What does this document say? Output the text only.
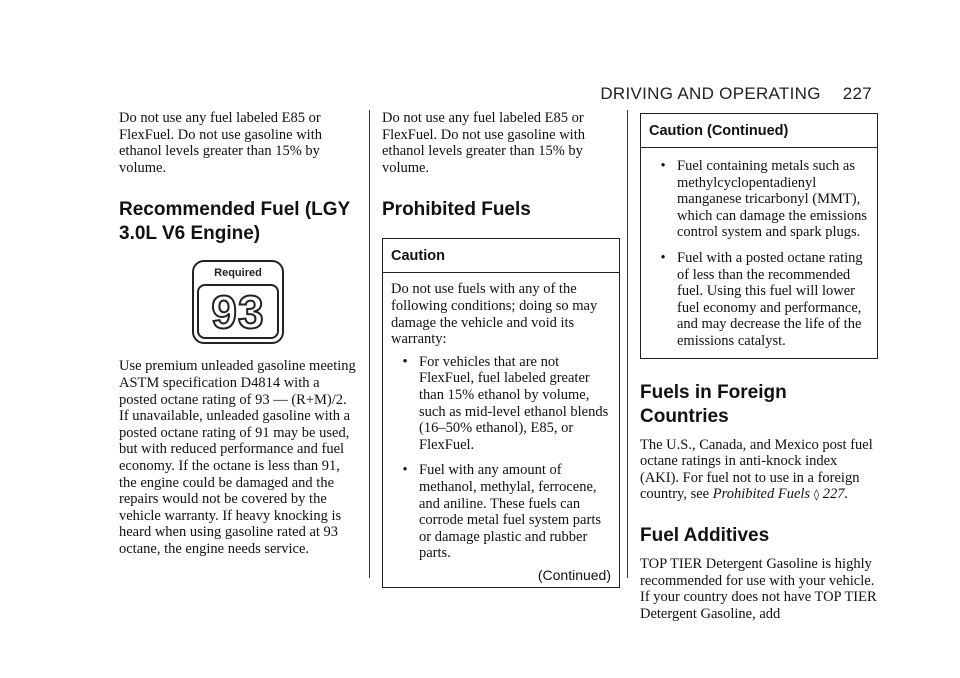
DRIVING AND OPERATING 227

Do not use any fuel labeled E85 or FlexFuel. Do not use gasoline with ethanol levels greater than 15% by volume.

Recommended Fuel (LGY 3.0L V6 Engine)
Required
93

Use premium unleaded gasoline meeting ASTM specification D4814 with a posted octane rating of 93 — (R+M)/2. If unavailable, unleaded gasoline with a posted octane rating of 91 may be used, but with reduced performance and fuel economy. If the octane is less than 91, the engine could be damaged and the repairs would not be covered by the vehicle warranty. If heavy knocking is heard when using gasoline rated at 93 octane, the engine needs service.

Do not use any fuel labeled E85 or FlexFuel. Do not use gasoline with ethanol levels greater than 15% by volume.

Prohibited Fuels
Caution

Do not use fuels with any of the following conditions; doing so may damage the vehicle and void its warranty:

• For vehicles that are not FlexFuel, fuel labeled greater than 15% ethanol by volume, such as mid-level ethanol blends (16–50% ethanol), E85, or FlexFuel.

• Fuel with any amount of methanol, methylal, ferrocene, and aniline. These fuels can corrode metal fuel system parts or damage plastic and rubber parts.

(Continued)
Caution (Continued)
• Fuel containing metals such as methylcyclopentadienyl manganese tricarbonyl (MMT), which can damage the emissions control system and spark plugs.

• Fuel with a posted octane rating of less than the recommended fuel. Using this fuel will lower fuel economy and performance, and may decrease the life of the emissions catalyst.

Fuels in Foreign Countries

The U.S., Canada, and Mexico post fuel octane ratings in anti-knock index (AKI). For fuel not to use in a foreign country, see Prohibited Fuels ◊ 227.

Fuel Additives

TOP TIER Detergent Gasoline is highly recommended for use with your vehicle. If your country does not have TOP TIER Detergent Gasoline, add
